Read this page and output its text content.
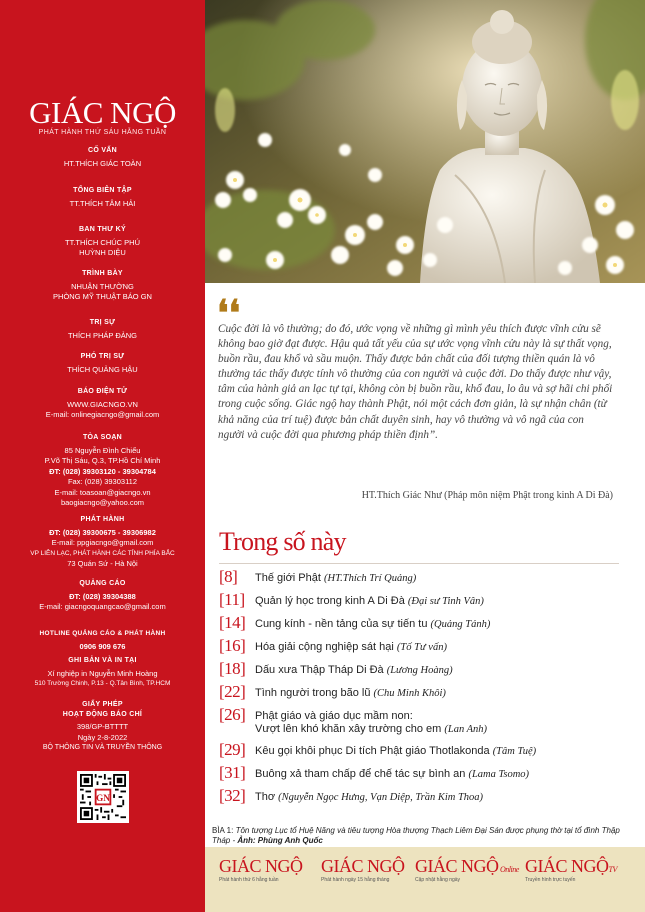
GIÁC NGỘ
PHÁT HÀNH THỨ SÁU HẰNG TUẦN
CỐ VẤN
HT.THÍCH GIÁC TOÀN
TỔNG BIÊN TẬP
TT.THÍCH TÂM HẢI
BAN THƯ KÝ
TT.THÍCH CHÚC PHÚ
HUỲNH DIỆU
TRÌNH BÀY
NHUẬN THƯỜNG
PHÒNG MỸ THUẬT BÁO GN
TRỊ SỰ
THÍCH PHÁP ĐẢNG
PHÓ TRỊ SỰ
THÍCH QUẢNG HẬU
BÁO ĐIỆN TỬ
WWW.GIACNGO.VN
E-mail: onlinegiacngo@gmail.com
TÒA SOẠN
85 Nguyễn Đình Chiểu
P.Võ Thị Sáu, Q.3, TP.Hồ Chí Minh
ĐT: (028) 39303120 - 39304784
Fax: (028) 39303112
E-mail: toasoan@giacngo.vn
baogiacngo@yahoo.com
PHÁT HÀNH
ĐT: (028) 39300675 - 39306982
E-mail: ppgiacngo@gmail.com
VP LIÊN LẠC, PHÁT HÀNH CÁC TỈNH PHÍA BẮC
73 Quán Sứ - Hà Nội
QUẢNG CÁO
ĐT: (028) 39304388
E-mail: giacngoquangcao@gmail.com
HOTLINE QUẢNG CÁO & PHÁT HÀNH
0906 909 676
GHI BẢN VÀ IN TẠI
Xí nghiệp in Nguyễn Minh Hoàng
510 Trường Chinh, P.13 - Q.Tân Bình, TP.HCM
GIẤY PHÉP
HOẠT ĐỘNG BÁO CHÍ
398/GP-BTTTT
Ngày 2-8-2022
BỘ THÔNG TIN VÀ TRUYỀN THÔNG
GN
❛❛

Cuộc đời là vô thường; do đó, ước vọng về những gì mình yêu thích được vĩnh cửu sẽ không bao giờ đạt được. Hậu quả tất yếu của sự ước vọng vĩnh cửu này là sự thất vọng, buồn rầu, đau khổ và sầu muộn. Thấy được bản chất của đối tượng thiền quán là vô thường tác thấy được tính vô thường của con người và cuộc đời. Do thấy được như vậy, tâm của hành giả an lạc tự tại, không còn bị buồn rầu, khổ đau, lo âu và sợ hãi chi phối trong cuộc sống. Giác ngộ hay thành Phật, nói một cách đơn giản, là sự nhận chân (từ khả năng của trí tuệ) được bản chất duyên sinh, hay vô thường và vô ngã của con người và cuộc đời qua phương pháp thiền định”.

HT.Thích Giác Như (Pháp môn niệm Phật trong kinh A Di Đà)
Trong số này
[8]	Thế giới Phật (HT.Thích Trí Quảng)
[11] Quản lý học trong kinh A Di Đà (Đại sư Tinh Vân)
[14] Cung kính - nền tảng của sự tiến tu (Quảng Tánh)
[16] Hóa giải cộng nghiệp sát hại (Tố Tư vấn)
[18] Dấu xưa Thập Tháp Di Đà (Lương Hoàng)
[22] Tình người trong bão lũ (Chu Minh Khôi)
[26] Phật giáo và giáo dục mầm non:
Vượt lên khó khăn xây trường cho em (Lan Anh)
[29] Kêu gọi khôi phục Di tích Phật giáo Thotlakonda (Tâm Tuệ)
[31] Buông xả tham chấp để chế tác sự bình an (Lama Tsomo)
[32] Thơ (Nguyễn Ngọc Hưng, Vạn Diệp, Trần Kim Thoa)
BÌA 1: Tôn tượng Lục tổ Huệ Năng và tiêu tượng Hòa thượng Thạch Liêm Đại Sán được phụng thờ tại tổ đình Thập Tháp - Ảnh: Phùng Anh Quốc
GIÁC NGỘ
Phát hành thứ 6 hằng tuần
GIÁC NGỘ
Phát hành ngày 15 hằng tháng
GIÁC NGỘ Online
Cập nhật hằng ngày
GIÁC NGỘTV
Truyền hình trực tuyến
